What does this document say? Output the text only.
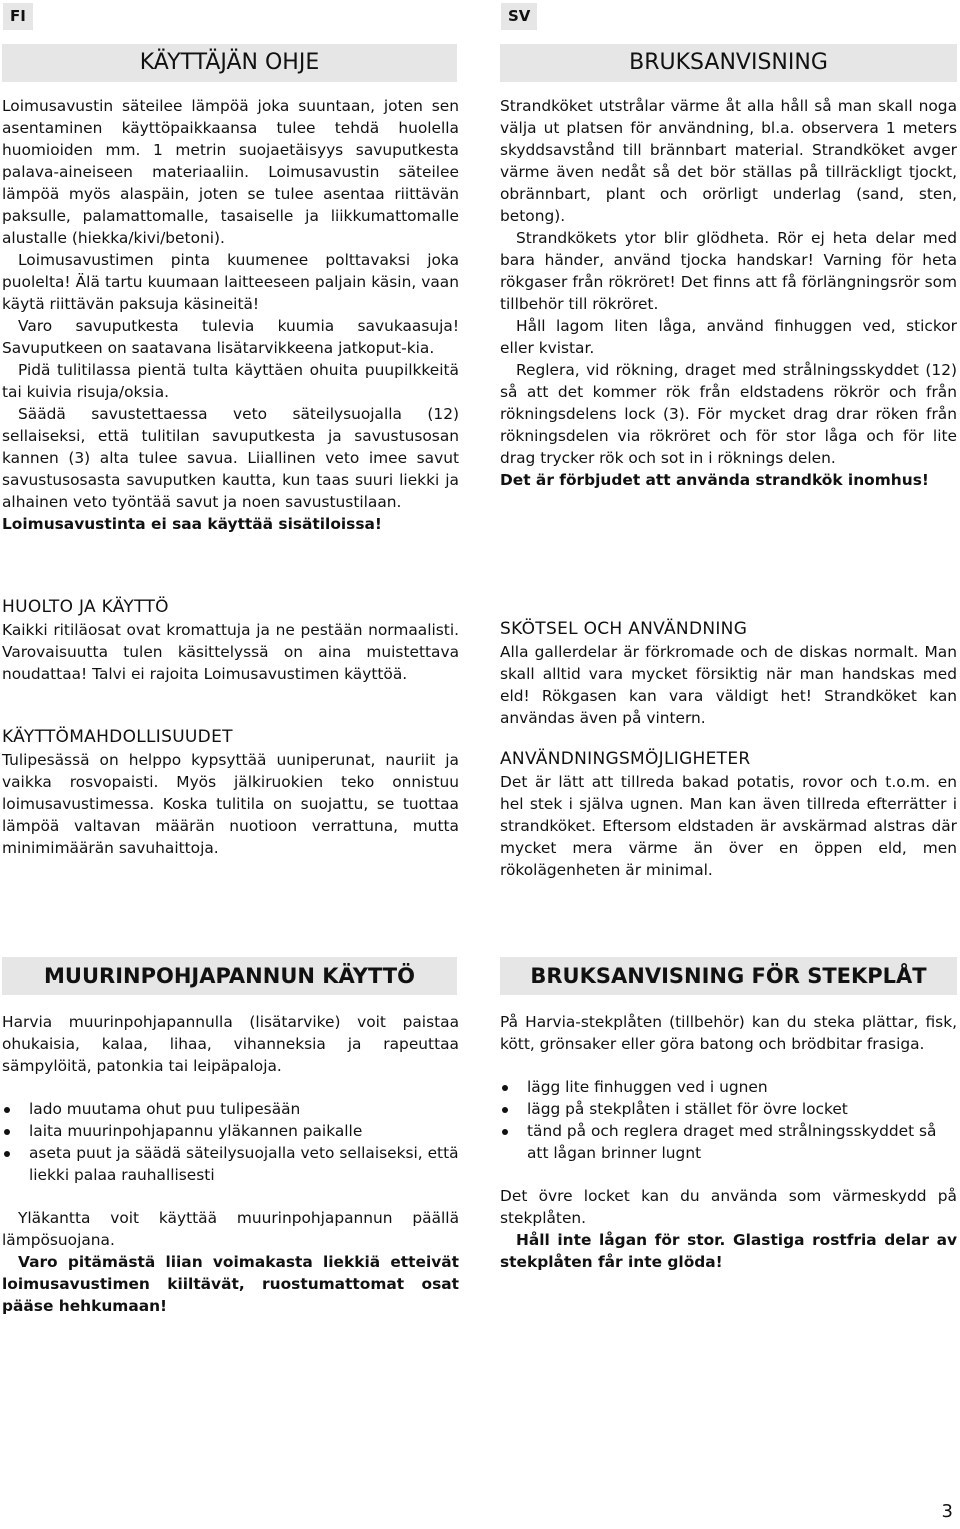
FI	SV
KÄYTTÄJÄN OHJE	BRUKSANVISNING

Loimusavustin säteilee lämpöä joka suuntaan, joten sen asentaminen käyttöpaikkaansa tulee tehdä huolella huomioiden mm. 1 metrin suojaetäisyys savuputkesta palava-aineiseen materiaaliin. Loimusavustin säteilee lämpöä myös alaspäin, joten se tulee asentaa riittävän paksulle, palamattomalle, tasaiselle ja liikkumattomalle alustalle (hiekka/kivi/betoni).

Loimusavustimen pinta kuumenee polttavaksi joka puolelta! Älä tartu kuumaan laitteeseen paljain käsin, vaan käytä riittävän paksuja käsineitä!

Varo savuputkesta tulevia kuumia savukaasuja! Savuputkeen on saatavana lisätarvikkeena jatkoput-kia.

Pidä tulitilassa pientä tulta käyttäen ohuita puupilkkeitä tai kuivia risuja/oksia.

Säädä savustettaessa veto säteilysuojalla (12) sellaiseksi, että tulitilan savuputkesta ja savustusosan kannen (3) alta tulee savua. Liiallinen veto imee savut savustusosasta savuputken kautta, kun taas suuri liekki ja alhainen veto työntää savut ja noen savustustilaan.

Loimusavustinta ei saa käyttää sisätiloissa!

HUOLTO JA KÄYTTÖ

Kaikki ritiläosat ovat kromattuja ja ne pestään normaalisti. Varovaisuutta tulen käsittelyssä on aina muistettava noudattaa! Talvi ei rajoita Loimusavustimen käyttöä.

KÄYTTÖMAHDOLLISUUDET

Tulipesässä on helppo kypsyttää uuniperunat, nauriit ja vaikka rosvopaisti. Myös jälkiruokien teko onnistuu loimusavustimessa. Koska tulitila on suojattu, se tuottaa lämpöä valtavan määrän nuotioon verrattuna, mutta minimimäärän savuhaittoja.

Strandköket utstrålar värme åt alla håll så man skall noga välja ut platsen för användning, bl.a. observera 1 meters skyddsavstånd till brännbart material. Strandköket avger värme även nedåt så det bör ställas på tillräckligt tjockt, obrännbart, plant och orörligt underlag (sand, sten, betong).

Strandkökets ytor blir glödheta. Rör ej heta delar med bara händer, använd tjocka handskar! Varning för heta rökgaser från rökröret! Det finns att få förlängningsrör som tillbehör till rökröret.

Håll lagom liten låga, använd finhuggen ved, stickor eller kvistar.

Reglera, vid rökning, draget med strålningsskyddet (12) så att det kommer rök från eldstadens rökrör och från rökningsdelens lock (3). För mycket drag drar röken från rökningsdelen via rökröret och för stor låga och för lite drag trycker rök och sot in i röknings delen.

Det är förbjudet att använda strandkök inomhus!

SKÖTSEL OCH ANVÄNDNING

Alla gallerdelar är förkromade och de diskas normalt. Man skall alltid vara mycket försiktig när man handskas med eld! Rökgasen kan vara väldigt het! Strandköket kan användas även på vintern.

ANVÄNDNINGSMÖJLIGHETER

Det är lätt att tillreda bakad potatis, rovor och t.o.m. en hel stek i själva ugnen. Man kan även tillreda efterrätter i strandköket. Eftersom eldstaden är avskärmad alstras där mycket mera värme än över en öppen eld, men rökolägenheten är minimal.

MUURINPOHJAPANNUN KÄYTTÖ	BRUKSANVISNING FÖR STEKPLÅT

Harvia muurinpohjapannulla (lisätarvike) voit paistaa ohukaisia, kalaa, lihaa, vihanneksia ja rapeuttaa sämpylöitä, patonkia tai leipäpaloja.

lado muutama ohut puu tulipesään
laita muurinpohjapannu yläkannen paikalle
aseta puut ja säädä säteilysuojalla veto sellaiseksi, että liekki palaa rauhallisesti

Yläkantta voit käyttää muurinpohjapannun päällä lämpösuojana.

Varo pitämästä liian voimakasta liekkiä etteivät loimusavustimen kiiltävät, ruostumattomat osat pääse hehkumaan!

På Harvia-stekplåten (tillbehör) kan du steka plättar, fisk, kött, grönsaker eller göra batong och brödbitar frasiga.

lägg lite finhuggen ved i ugnen
lägg på stekplåten i stället för övre locket
tänd på och reglera draget med strålningsskyddet så att lågan brinner lugnt

Det övre locket kan du använda som värmeskydd på stekplåten.

Håll inte lågan för stor. Glastiga rostfria delar av stekplåten får inte glöda!

3
